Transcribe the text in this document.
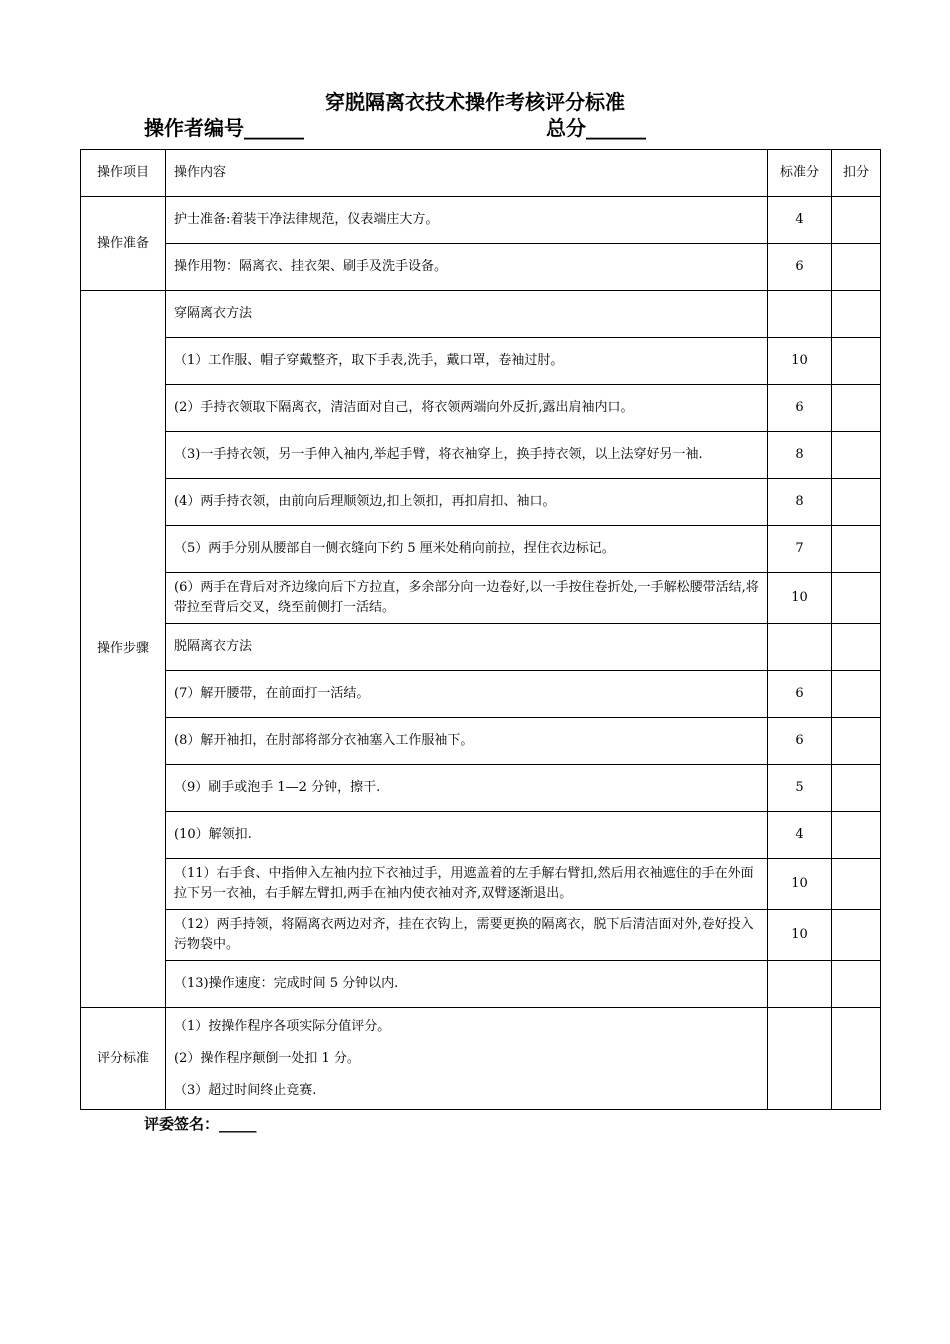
穿脱隔离衣技术操作考核评分标准
操作者编号______	总分______
操作项目	操作内容	标准分	扣分
操作准备	护士准备:着装干净法律规范，仪表端庄大方。	4	
	操作用物：隔离衣、挂衣架、刷手及洗手设备。	6	
操作步骤	穿隔离衣方法		
	（1）工作服、帽子穿戴整齐，取下手表,洗手，戴口罩，卷袖过肘。	10	
	(2）手持衣领取下隔离衣，清洁面对自己，将衣领两端向外反折,露出肩袖内口。	6	
	（3)一手持衣领，另一手伸入袖内,举起手臂，将衣袖穿上，换手持衣领，以上法穿好另一袖.	8	
	(4）两手持衣领，由前向后理顺领边,扣上领扣，再扣肩扣、袖口。	8	
	（5）两手分别从腰部自一侧衣缝向下约 5 厘米处稍向前拉，捏住衣边标记。	7	
	(6）两手在背后对齐边缘向后下方拉直，多余部分向一边卷好,以一手按住卷折处,一手解松腰带活结,将带拉至背后交叉，绕至前侧打一活结。	10	
	脱隔离衣方法		
	(7）解开腰带，在前面打一活结。	6	
	(8）解开袖扣，在肘部将部分衣袖塞入工作服袖下。	6	
	（9）刷手或泡手 1—2 分钟，擦干.	5	
	(10）解领扣.	4	
	（11）右手食、中指伸入左袖内拉下衣袖过手，用遮盖着的左手解右臂扣,然后用衣袖遮住的手在外面拉下另一衣袖，右手解左臂扣,两手在袖内使衣袖对齐,双臂逐渐退出。	10	
	（12）两手持领，将隔离衣两边对齐，挂在衣钩上，需要更换的隔离衣，脱下后清洁面对外,卷好投入污物袋中。	10	
	（13)操作速度：完成时间 5 分钟以内.		
评分标准	（1）按操作程序各项实际分值评分。

(2）操作程序颠倒一处扣 1 分。

（3）超过时间终止竞赛.		

评委签名：_____
